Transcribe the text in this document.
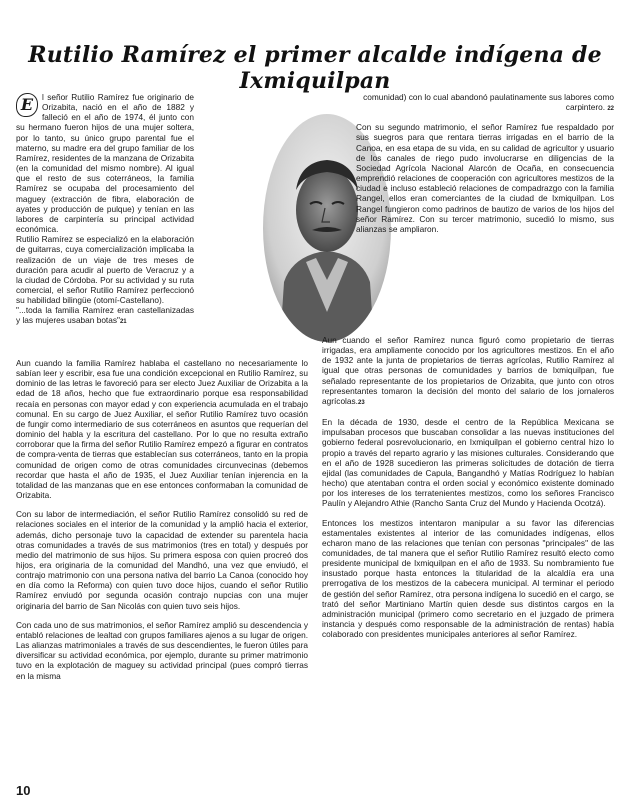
Rutilio Ramírez el primer alcalde indígena de Ixmiquilpan

E	l señor Rutilio Ramírez fue originario de Orizabita, nació en el año de 1882 y falleció en el año de 1974, él junto con su hermano fueron hijos de una mujer soltera, por lo tanto, su único grupo parental fue el materno, su madre era del grupo familiar de los Ramírez, residentes de la manzana de Orizabita (en la comunidad del mismo nombre). Al igual que el resto de sus coterráneos, la familia Ramírez se ocupaba del procesamiento del maguey (extracción de fibra, elaboración de ayates y producción de pulque) y tenían en las labores de carpintería su principal actividad económica.

Rutilio Ramírez se especializó en la elaboración de guitarras, cuya comercialización implicaba la realización de un viaje de tres meses de duración para acudir al puerto de Veracruz y a la ciudad de Córdoba. Por su actividad y su ruta comercial, el señor Rutilio Ramírez perfeccionó su habilidad bilingüe (otomí-Castellano).

"...toda la familia Ramírez eran castellanizadas y las mujeres usaban botas"21

comunidad) con lo cual abandonó paulatinamente sus labores como carpintero. 22

Con su segundo matrimonio, el señor Ramírez fue respaldado por sus suegros para que rentara tierras irrigadas en el barrio de la Canoa, en esa etapa de su vida, en su calidad de agricultor y usuario de los canales de riego pudo involucrarse en diligencias de la Sociedad Agrícola Nacional Alarcón de Ocaña, en consecuencia emprendió relaciones de cooperación con agricultores mestizos de la ciudad e incluso estableció relaciones de compadrazgo con la familia Rangel, ellos eran comerciantes de la ciudad de Ixmiquilpan. Los Rangel fungieron como padrinos de bautizo de varios de los hijos del señor Ramírez. Con su tercer matrimonio, sucedió lo mismo, sus alianzas se ampliaron.

Aun cuando la familia Ramírez hablaba el castellano no necesariamente lo sabían leer y escribir, esa fue una condición excepcional en Rutilio Ramírez, su dominio de las letras le favoreció para ser electo Juez Auxiliar de Orizabita a la edad de 18 años, hecho que fue extraordinario porque esa responsabilidad recaía en personas con mayor edad y con experiencia acumulada en el trabajo comunal. En su cargo de Juez Auxiliar, el señor Rutilio Ramírez tuvo ocasión de fungir como intermediario de sus coterráneos en asuntos que requerían del dominio del habla y la escritura del castellano. Por lo que no resulta extraño corroborar que la firma del señor Rutilio Ramírez empezó a figurar en contratos de compra-venta de tierras que establecían sus coterráneos, tanto en la propia comunidad de origen como de otras comunidades circunvecinas (debemos recordar que hasta el año de 1935, el Juez Auxiliar tenían injerencia en la totalidad de las manzanas que en ese entonces conformaban la comunidad de Orizabita.

Con su labor de intermediación, el señor Rutilio Ramírez consolidó su red de relaciones sociales en el interior de la comunidad y la amplió hacia el exterior, además, dicho personaje tuvo la capacidad de extender su parentela hacia otras comunidades a través de sus matrimonios (tres en total) y después por medio del matrimonio de sus hijos. Su primera esposa con quien procreó dos hijos, era originaria de la comunidad del Mandhó, una vez que enviudó, el contrajo matrimonio con una persona nativa del barrio La Canoa (conocido hoy en día como la Reforma) con quien tuvo doce hijos, cuando el señor Rutilio Ramírez enviudó por segunda ocasión contrajo nupcias con una mujer originaria del barrio de San Nicolás con quien tuvo seis hijos.

Con cada uno de sus matrimonios, el señor Ramírez amplió su descendencia y entabló relaciones de lealtad con grupos familiares ajenos a su lugar de origen. Las alianzas matrimoniales a través de sus descendientes, le fueron útiles para diversificar su actividad económica, por ejemplo, durante su primer matrimonio tuvo en la explotación de maguey su actividad principal (pues compró tierras en la misma

Aun cuando el señor Ramírez nunca figuró como propietario de tierras irrigadas, era ampliamente conocido por los agricultores mestizos. En el año de 1932 ante la junta de propietarios de tierras agrícolas, Rutilio Ramírez al igual que otras personas de comunidades y barrios de Ixmiquilpan, fue señalado representante de los propietarios de Orizabita, que junto con otros representantes tomaron la decisión del monto del salario de los jornaleros agrícolas.23

En la década de 1930, desde el centro de la República Mexicana se impulsaban procesos que buscaban consolidar a las nuevas instituciones del gobierno federal posrevolucionario, en Ixmiquilpan el gobierno central hizo lo propio a través del reparto agrario y las misiones culturales. Considerando que en el año de 1928 sucedieron las primeras solicitudes de dotación de tierra ejidal (las comunidades de Capula, Bangandhó y Matías Rodríguez lo habían hecho) que atentaban contra el orden social y económico existente dominado por los intereses de los terratenientes mestizos, como los señores Francisco Paulín y Alejandro Athie (Rancho Santa Cruz del Mundo y Hacienda Ocotzá).

Entonces los mestizos intentaron manipular a su favor las diferencias estamentales existentes al interior de las comunidades indígenas, ellos echaron mano de las relaciones que tenían con personas "principales" de las comunidades, de tal manera que el señor Rutilio Ramírez resultó electo como presidente municipal de Ixmiquilpan en el año de 1933. Su nombramiento fue insustado porque hasta entonces la titularidad de la alcaldía era una prerrogativa de los mestizos de la cabecera municipal. Al terminar el periodo de gestión del señor Ramírez, otra persona indígena lo sucedió en el cargo, se trató del señor Martiniano Martín quien desde sus distintos cargos en la administración municipal (primero como secretario en el juzgado de primera instancia y después como responsable de la administración de rentas) había colaborado con presidentes municipales anteriores al señor Ramírez.

10
